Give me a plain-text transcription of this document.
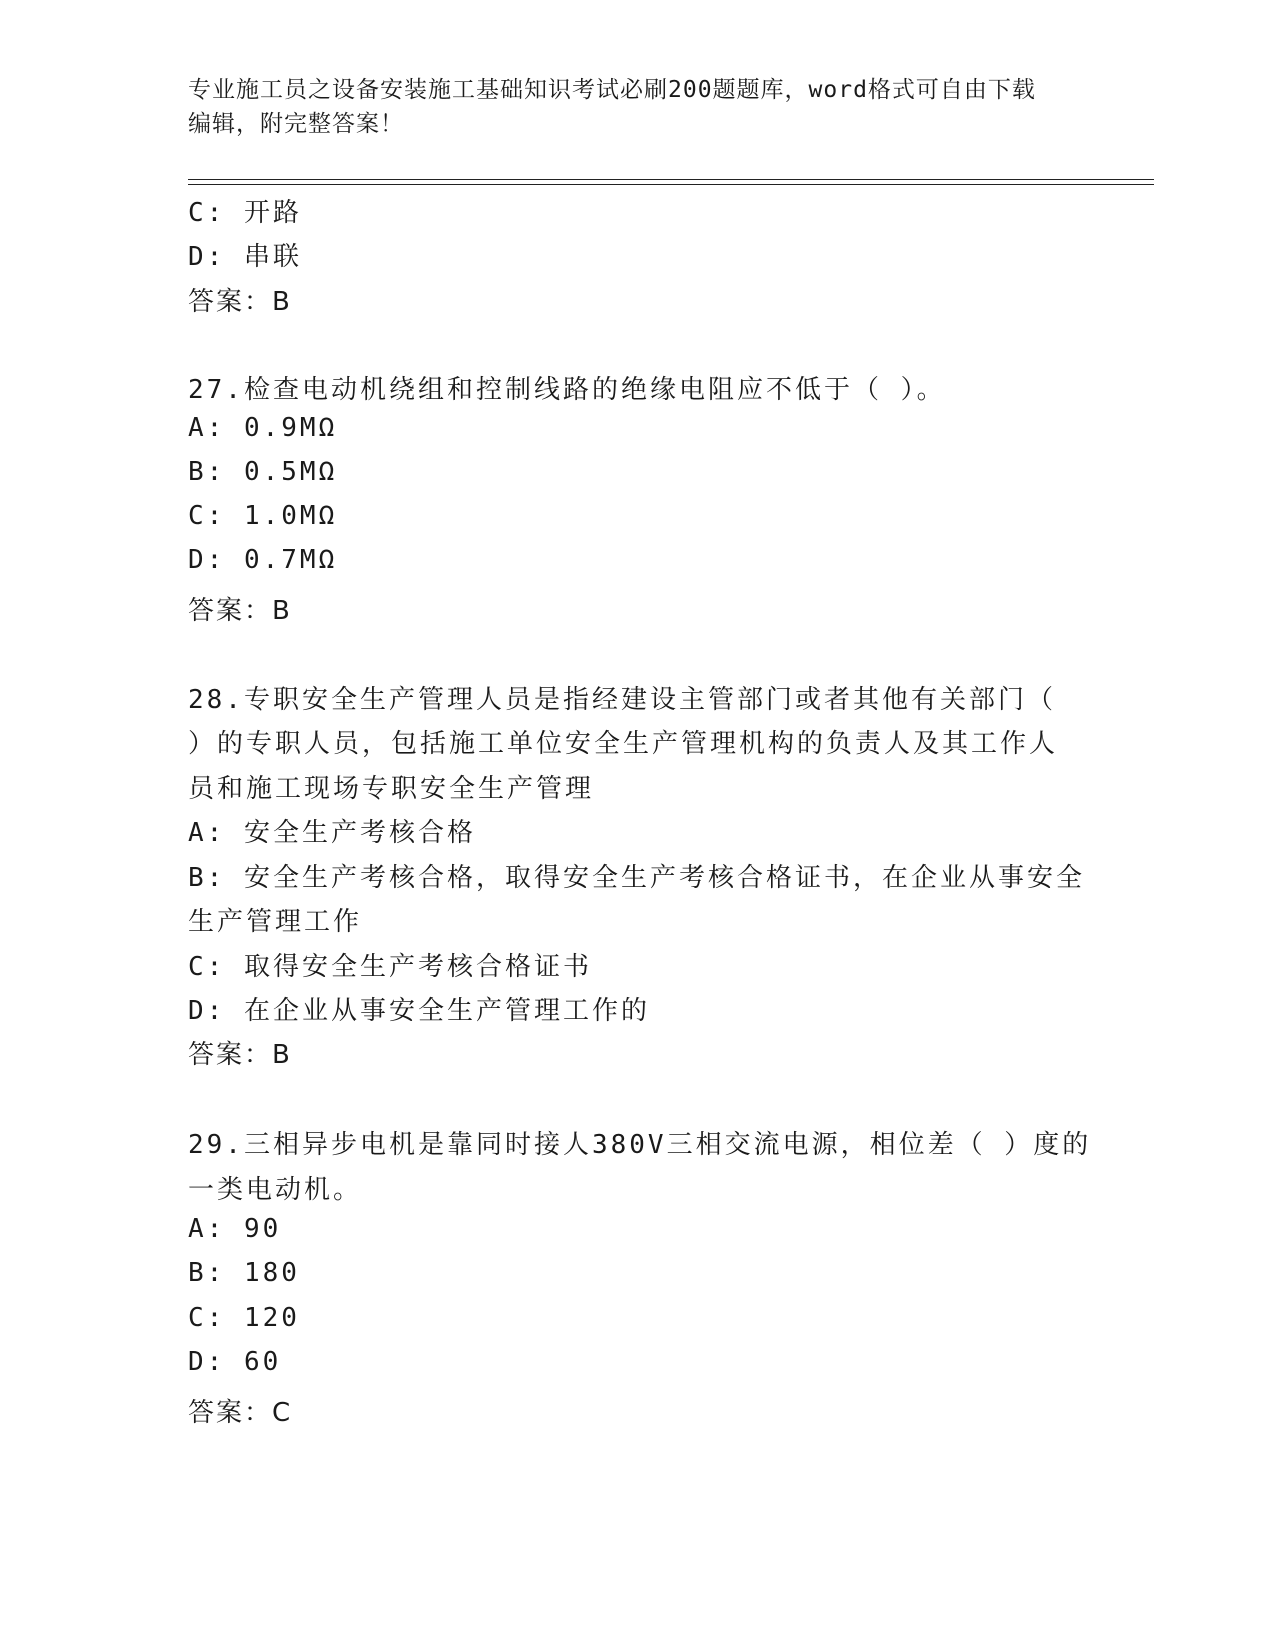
专业施工员之设备安装施工基础知识考试必刷200题题库，word格式可自由下载
编辑，附完整答案！
C: 开路
D: 串联
答案：B
27.检查电动机绕组和控制线路的绝缘电阻应不低于（ ）。
A: 0.9MΩ
B: 0.5MΩ
C: 1.0MΩ
D: 0.7MΩ
答案：B
28.专职安全生产管理人员是指经建设主管部门或者其他有关部门（
）的专职人员，包括施工单位安全生产管理机构的负责人及其工作人
员和施工现场专职安全生产管理
A: 安全生产考核合格
B: 安全生产考核合格，取得安全生产考核合格证书，在企业从事安全
生产管理工作
C: 取得安全生产考核合格证书
D: 在企业从事安全生产管理工作的
答案：B
29.三相异步电机是靠同时接人380V三相交流电源，相位差（ ）度的
一类电动机。
A: 90
B: 180
C: 120
D: 60
答案：C
